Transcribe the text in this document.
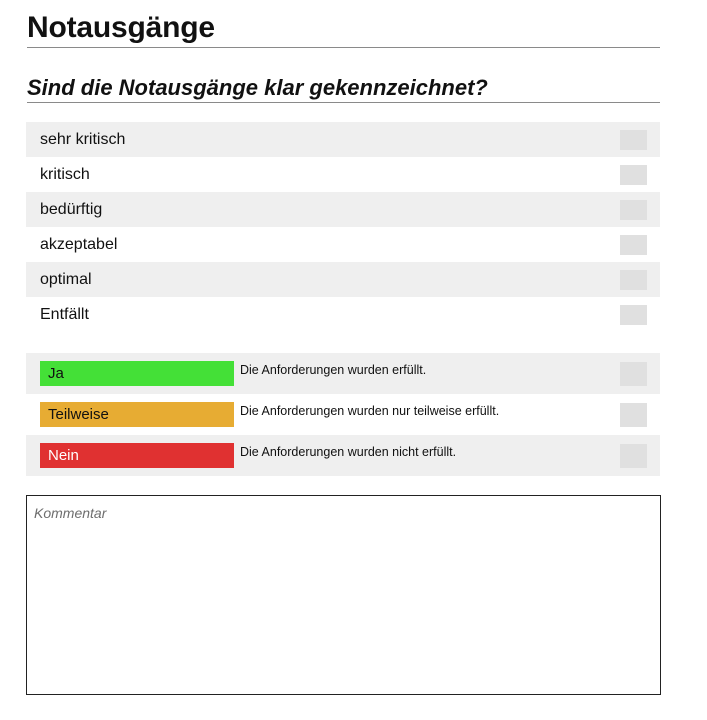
Notausgänge
Sind die Notausgänge klar gekennzeichnet?
sehr kritisch
kritisch
bedürftig
akzeptabel
optimal
Entfällt
Ja	Die Anforderungen wurden erfüllt.
Teilweise	Die Anforderungen wurden nur teilweise erfüllt.
Nein	Die Anforderungen wurden nicht erfüllt.
Kommentar
